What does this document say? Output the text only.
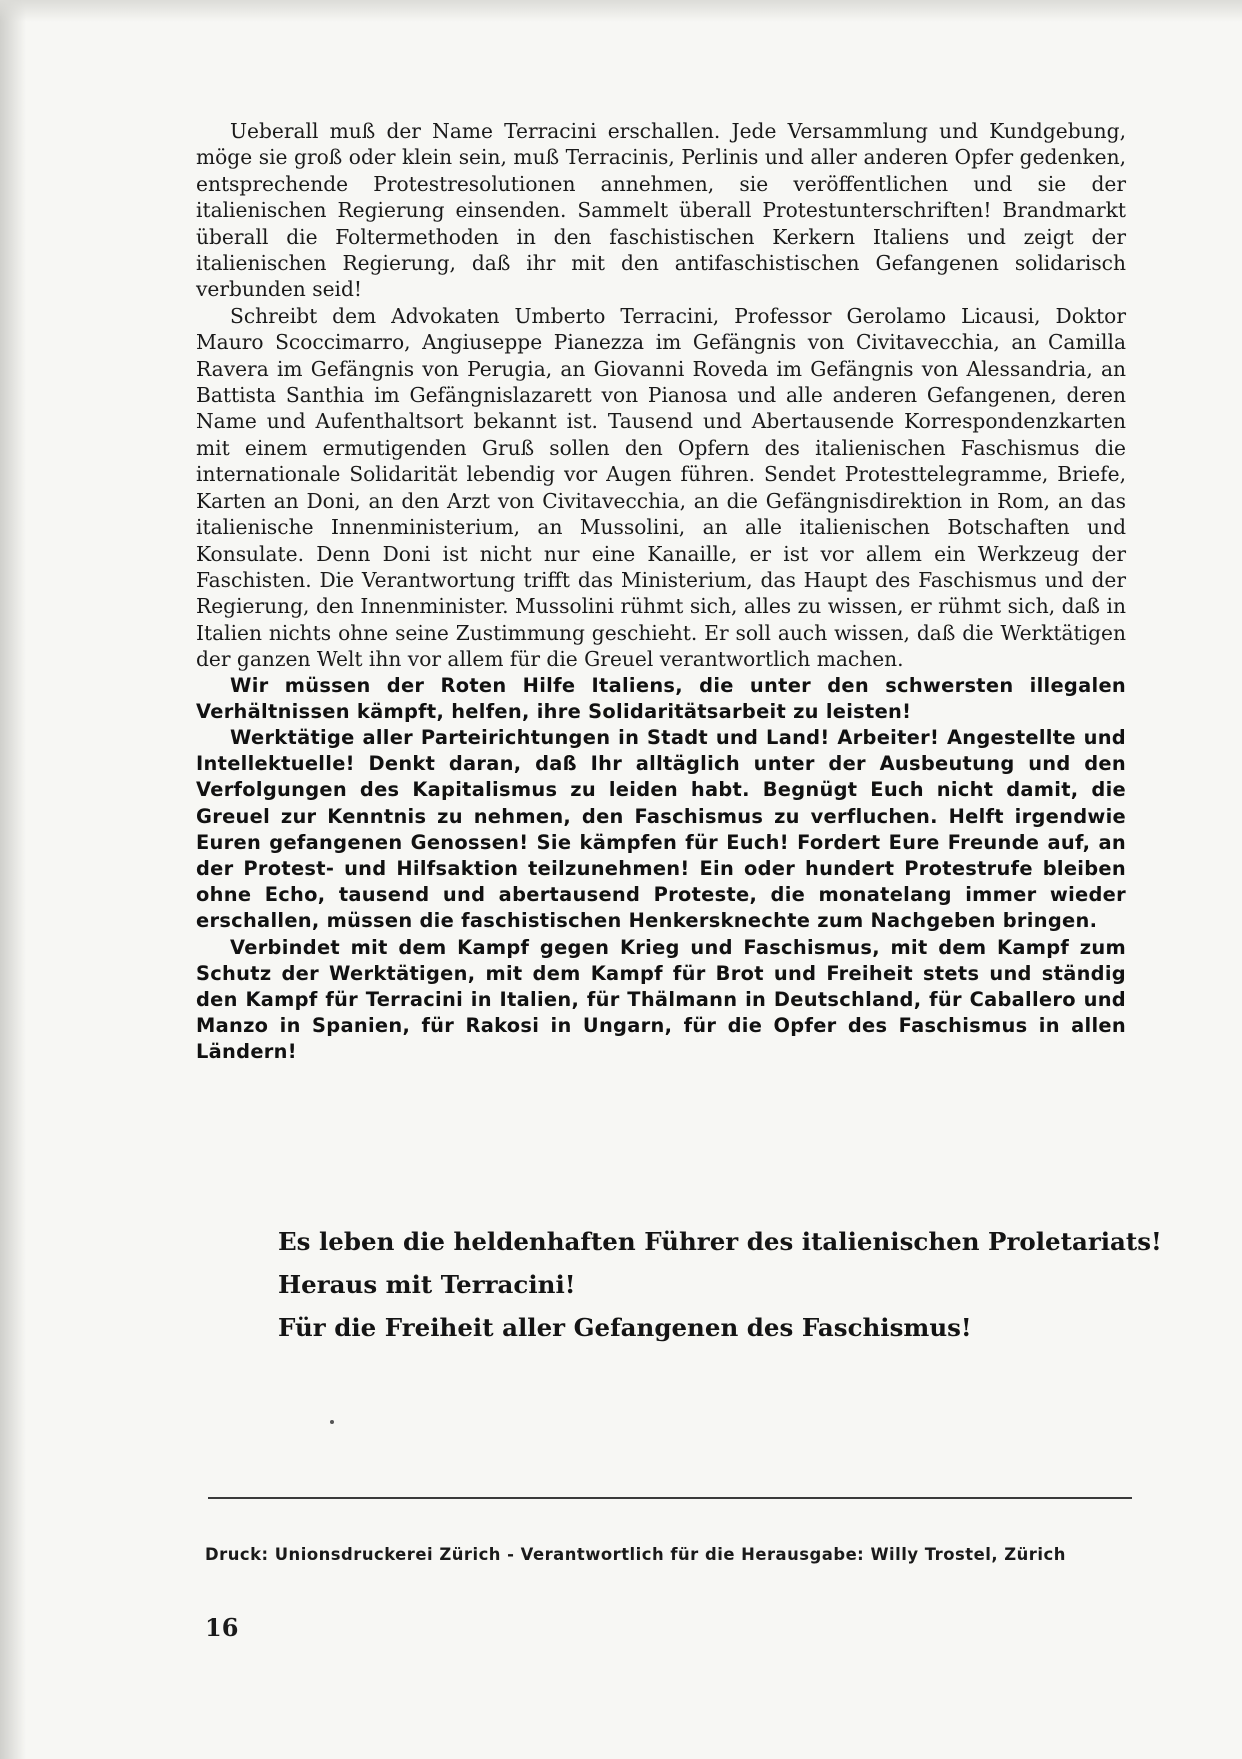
Ueberall muß der Name Terracini erschallen. Jede Versammlung und Kundgebung, möge sie groß oder klein sein, muß Terracinis, Perlinis und aller anderen Opfer gedenken, entsprechende Protestresolutionen annehmen, sie veröffentlichen und sie der italienischen Regierung einsenden. Sammelt überall Protestunterschriften! Brandmarkt überall die Foltermethoden in den faschistischen Kerkern Italiens und zeigt der italienischen Regierung, daß ihr mit den antifaschistischen Gefangenen solidarisch verbunden seid!

Schreibt dem Advokaten Umberto Terracini, Professor Gerolamo Licausi, Doktor Mauro Scoccimarro, Angiuseppe Pianezza im Gefängnis von Civitavecchia, an Camilla Ravera im Gefängnis von Perugia, an Giovanni Roveda im Gefängnis von Alessandria, an Battista Santhia im Gefängnislazarett von Pianosa und alle anderen Gefangenen, deren Name und Aufenthaltsort bekannt ist. Tausend und Abertausende Korrespondenzkarten mit einem ermutigenden Gruß sollen den Opfern des italienischen Faschismus die internationale Solidarität lebendig vor Augen führen. Sendet Protesttelegramme, Briefe, Karten an Doni, an den Arzt von Civitavecchia, an die Gefängnisdirektion in Rom, an das italienische Innenministerium, an Mussolini, an alle italienischen Botschaften und Konsulate. Denn Doni ist nicht nur eine Kanaille, er ist vor allem ein Werkzeug der Faschisten. Die Verantwortung trifft das Ministerium, das Haupt des Faschismus und der Regierung, den Innenminister. Mussolini rühmt sich, alles zu wissen, er rühmt sich, daß in Italien nichts ohne seine Zustimmung geschieht. Er soll auch wissen, daß die Werktätigen der ganzen Welt ihn vor allem für die Greuel verantwortlich machen.

Wir müssen der Roten Hilfe Italiens, die unter den schwersten illegalen Verhältnissen kämpft, helfen, ihre Solidaritätsarbeit zu leisten!

Werktätige aller Parteirichtungen in Stadt und Land! Arbeiter! Angestellte und Intellektuelle! Denkt daran, daß Ihr alltäglich unter der Ausbeutung und den Verfolgungen des Kapitalismus zu leiden habt. Begnügt Euch nicht damit, die Greuel zur Kenntnis zu nehmen, den Faschismus zu verfluchen. Helft irgendwie Euren gefangenen Genossen! Sie kämpfen für Euch! Fordert Eure Freunde auf, an der Protest- und Hilfsaktion teilzunehmen! Ein oder hundert Protestrufe bleiben ohne Echo, tausend und abertausend Proteste, die monatelang immer wieder erschallen, müssen die faschistischen Henkersknechte zum Nachgeben bringen.

Verbindet mit dem Kampf gegen Krieg und Faschismus, mit dem Kampf zum Schutz der Werktätigen, mit dem Kampf für Brot und Freiheit stets und ständig den Kampf für Terracini in Italien, für Thälmann in Deutschland, für Caballero und Manzo in Spanien, für Rakosi in Ungarn, für die Opfer des Faschismus in allen Ländern!

Es leben die heldenhaften Führer des italienischen Proletariats!
Heraus mit Terracini!
Für die Freiheit aller Gefangenen des Faschismus!
Druck: Unionsdruckerei Zürich - Verantwortlich für die Herausgabe: Willy Trostel, Zürich
16
